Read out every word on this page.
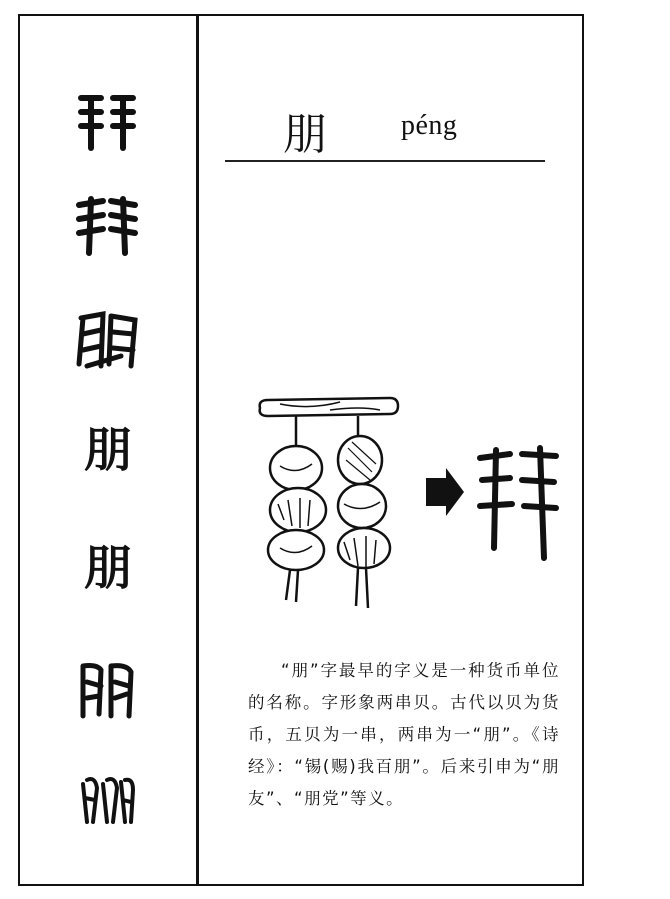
朋
朋
朋	péng

“朋”字最早的字义是一种货币单位的名称。字形象两串贝。古代以贝为货币，五贝为一串，两串为一“朋”。《诗经》：“锡(赐)我百朋”。后来引申为“朋友”、“朋党”等义。
